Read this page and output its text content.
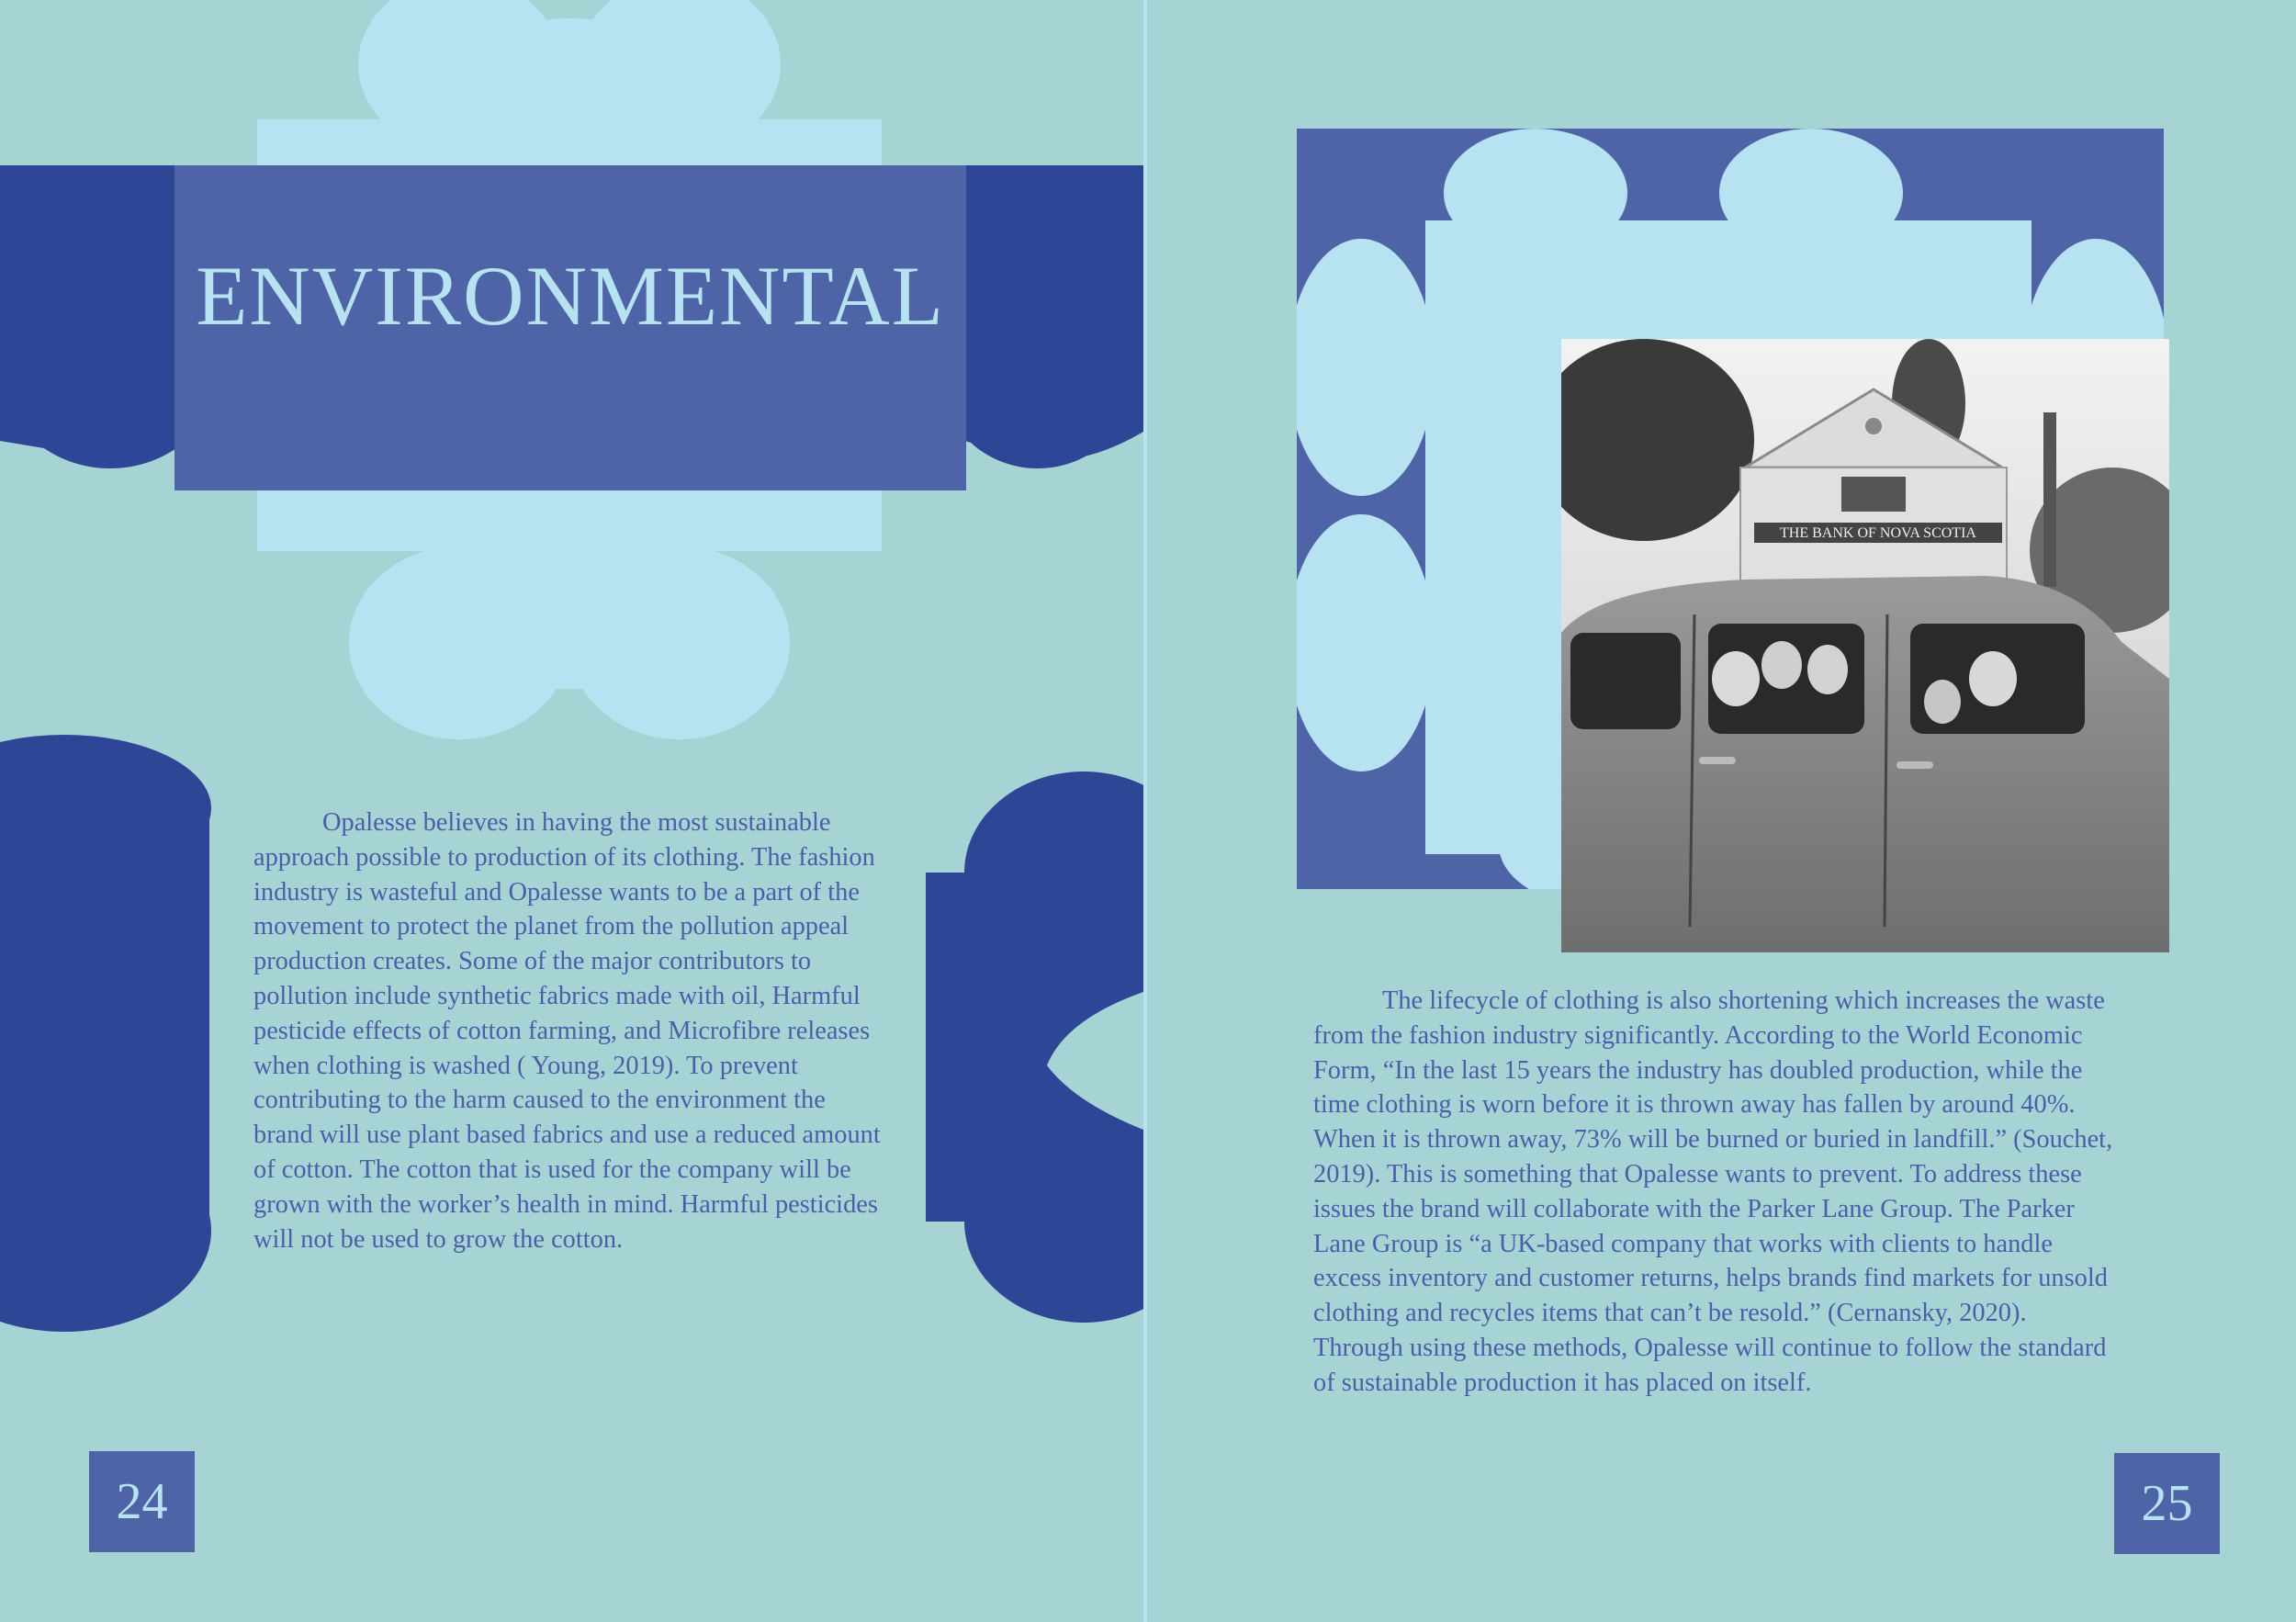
ENVIRONMENTAL

Opalesse believes in having the most sustainable approach possible to production of its clothing. The fashion industry is wasteful and Opalesse wants to be a part of the movement to protect the planet from the pollution appeal production creates. Some of the major contributors to pollution include synthetic fabrics made with oil, Harmful pesticide effects of cotton farming, and Microfibre releases when clothing is washed ( Young, 2019). To prevent contributing to the harm caused to the environment the brand will use plant based fabrics and use a reduced amount of cotton. The cotton that is used for the company will be grown with the worker’s health in mind. Harmful pesticides will not be used to grow the cotton.

24
THE BANK OF NOVA SCOTIA

The lifecycle of clothing is also shortening which increases the waste from the fashion industry significantly. According to the World Economic Form, “In the last 15 years the industry has doubled production, while the time clothing is worn before it is thrown away has fallen by around 40%. When it is thrown away, 73% will be burned or buried in landfill.” (Souchet, 2019). This is something that Opalesse wants to prevent. To address these issues the brand will collaborate with the Parker Lane Group. The Parker Lane Group is “a UK-based company that works with clients to handle excess inventory and customer returns, helps brands find markets for unsold clothing and recycles items that can’t be resold.” (Cernansky, 2020). Through using these methods, Opalesse will continue to follow the standard of sustainable production it has placed on itself.

25
